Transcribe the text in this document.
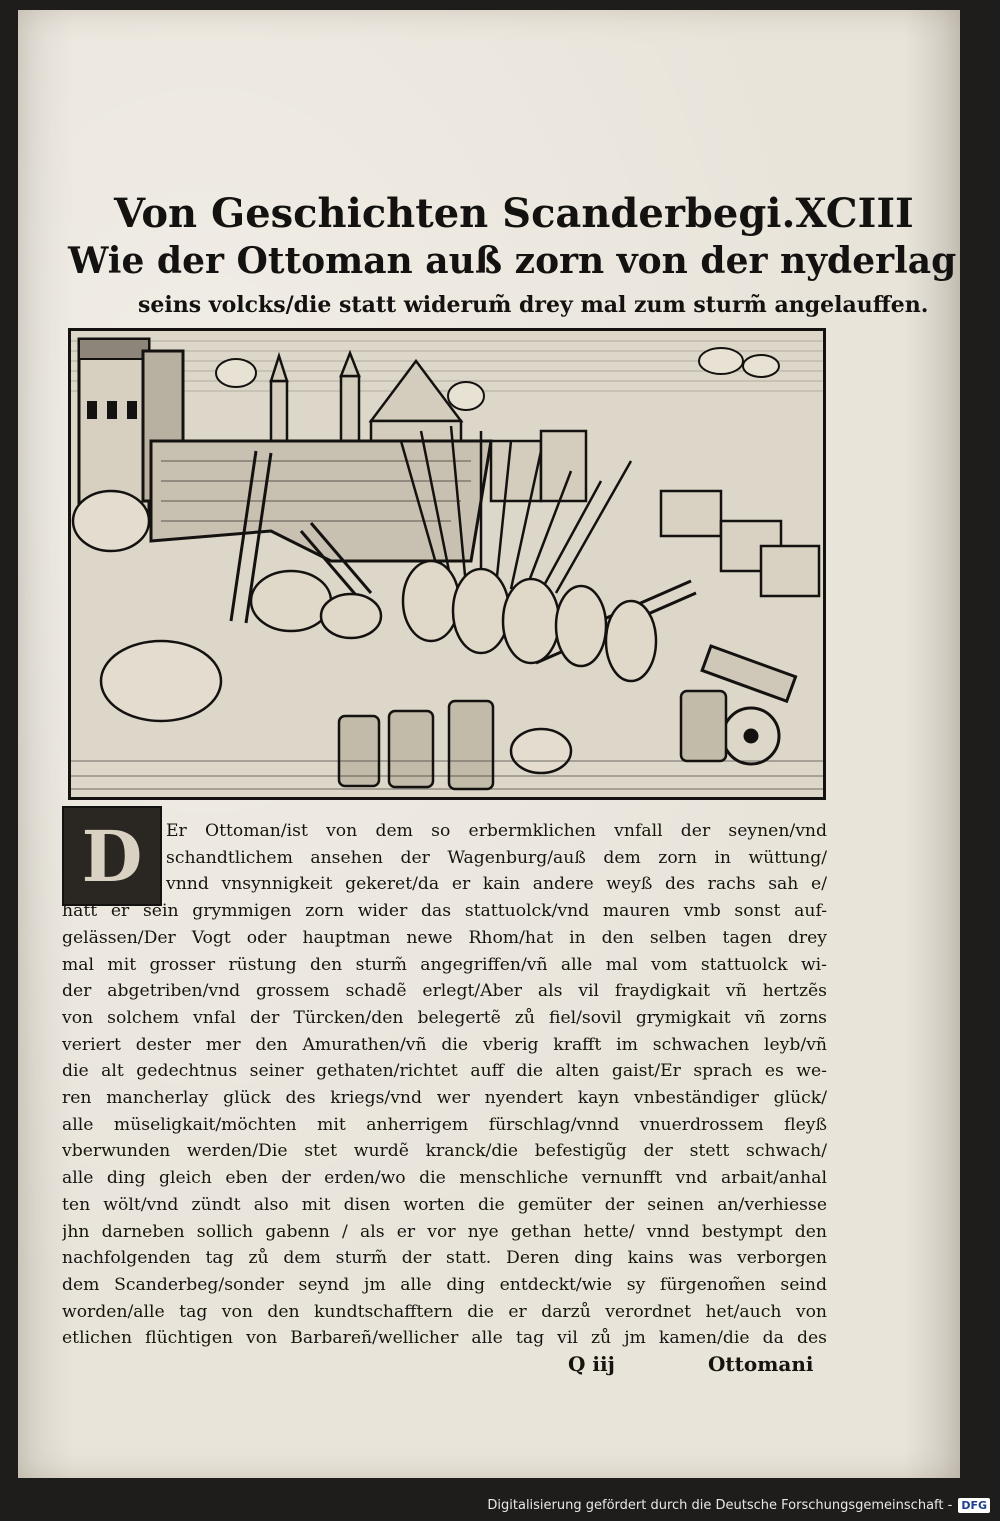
Von Geschichten Scanderbegi. XCIII
Wie der Ottoman auß zorn von der nyderlag
seins volcks/die statt widerum̃ drey mal zum sturm̃ angelauffen.
D	Er Ottoman/ist von dem so erbermklichen vnfall der seynen/vnd
schandtlichem ansehen der Wagenburg/auß dem zorn in wüttung/
vnnd vnsynnigkeit gekeret/da er kain andere weyß des rachs sah e/
hatt er sein grymmigen zorn wider das stattuolck/vnd mauren vmb sonst auf-
gelässen/Der Vogt oder hauptman newe Rhom/hat in den selben tagen drey
mal mit grosser rüstung den sturm̃ angegriffen/vñ alle mal vom stattuolck wi-
der abgetriben/vnd grossem schadẽ erlegt/Aber als vil fraydigkait vñ hertzẽs
von solchem vnfal der Türcken/den belegertẽ zů fiel/sovil grymigkait vñ zorns
veriert dester mer den Amurathen/vñ die vberig krafft im schwachen leyb/vñ
die alt gedechtnus seiner gethaten/richtet auff die alten gaist/Er sprach es we-
ren mancherlay glück des kriegs/vnd wer nyendert kayn vnbeständiger glück/
alle müseligkait/möchten mit anherrigem fürschlag/vnnd vnuerdrossem fleyß
vberwunden werden/Die stet wurdẽ kranck/die befestigũg der stett schwach/
alle ding gleich eben der erden/wo die menschliche vernunfft vnd arbait/anhal
ten wölt/vnd zündt also mit disen worten die gemüter der seinen an/verhiesse
jhn darneben sollich gabenn / als er vor nye gethan hette/ vnnd bestympt den
nachfolgenden tag zů dem sturm̃ der statt. Deren ding kains was verborgen
dem Scanderbeg/sonder seynd jm alle ding entdeckt/wie sy fürgenom̃en seind
worden/alle tag von den kundtschafftern die er darzů verordnet het/auch von
etlichen flüchtigen von Barbareñ/wellicher alle tag vil zů jm kamen/die da des
Q iij	Ottomani
Digitalisierung gefördert durch die Deutsche Forschungsgemeinschaft - DFG
